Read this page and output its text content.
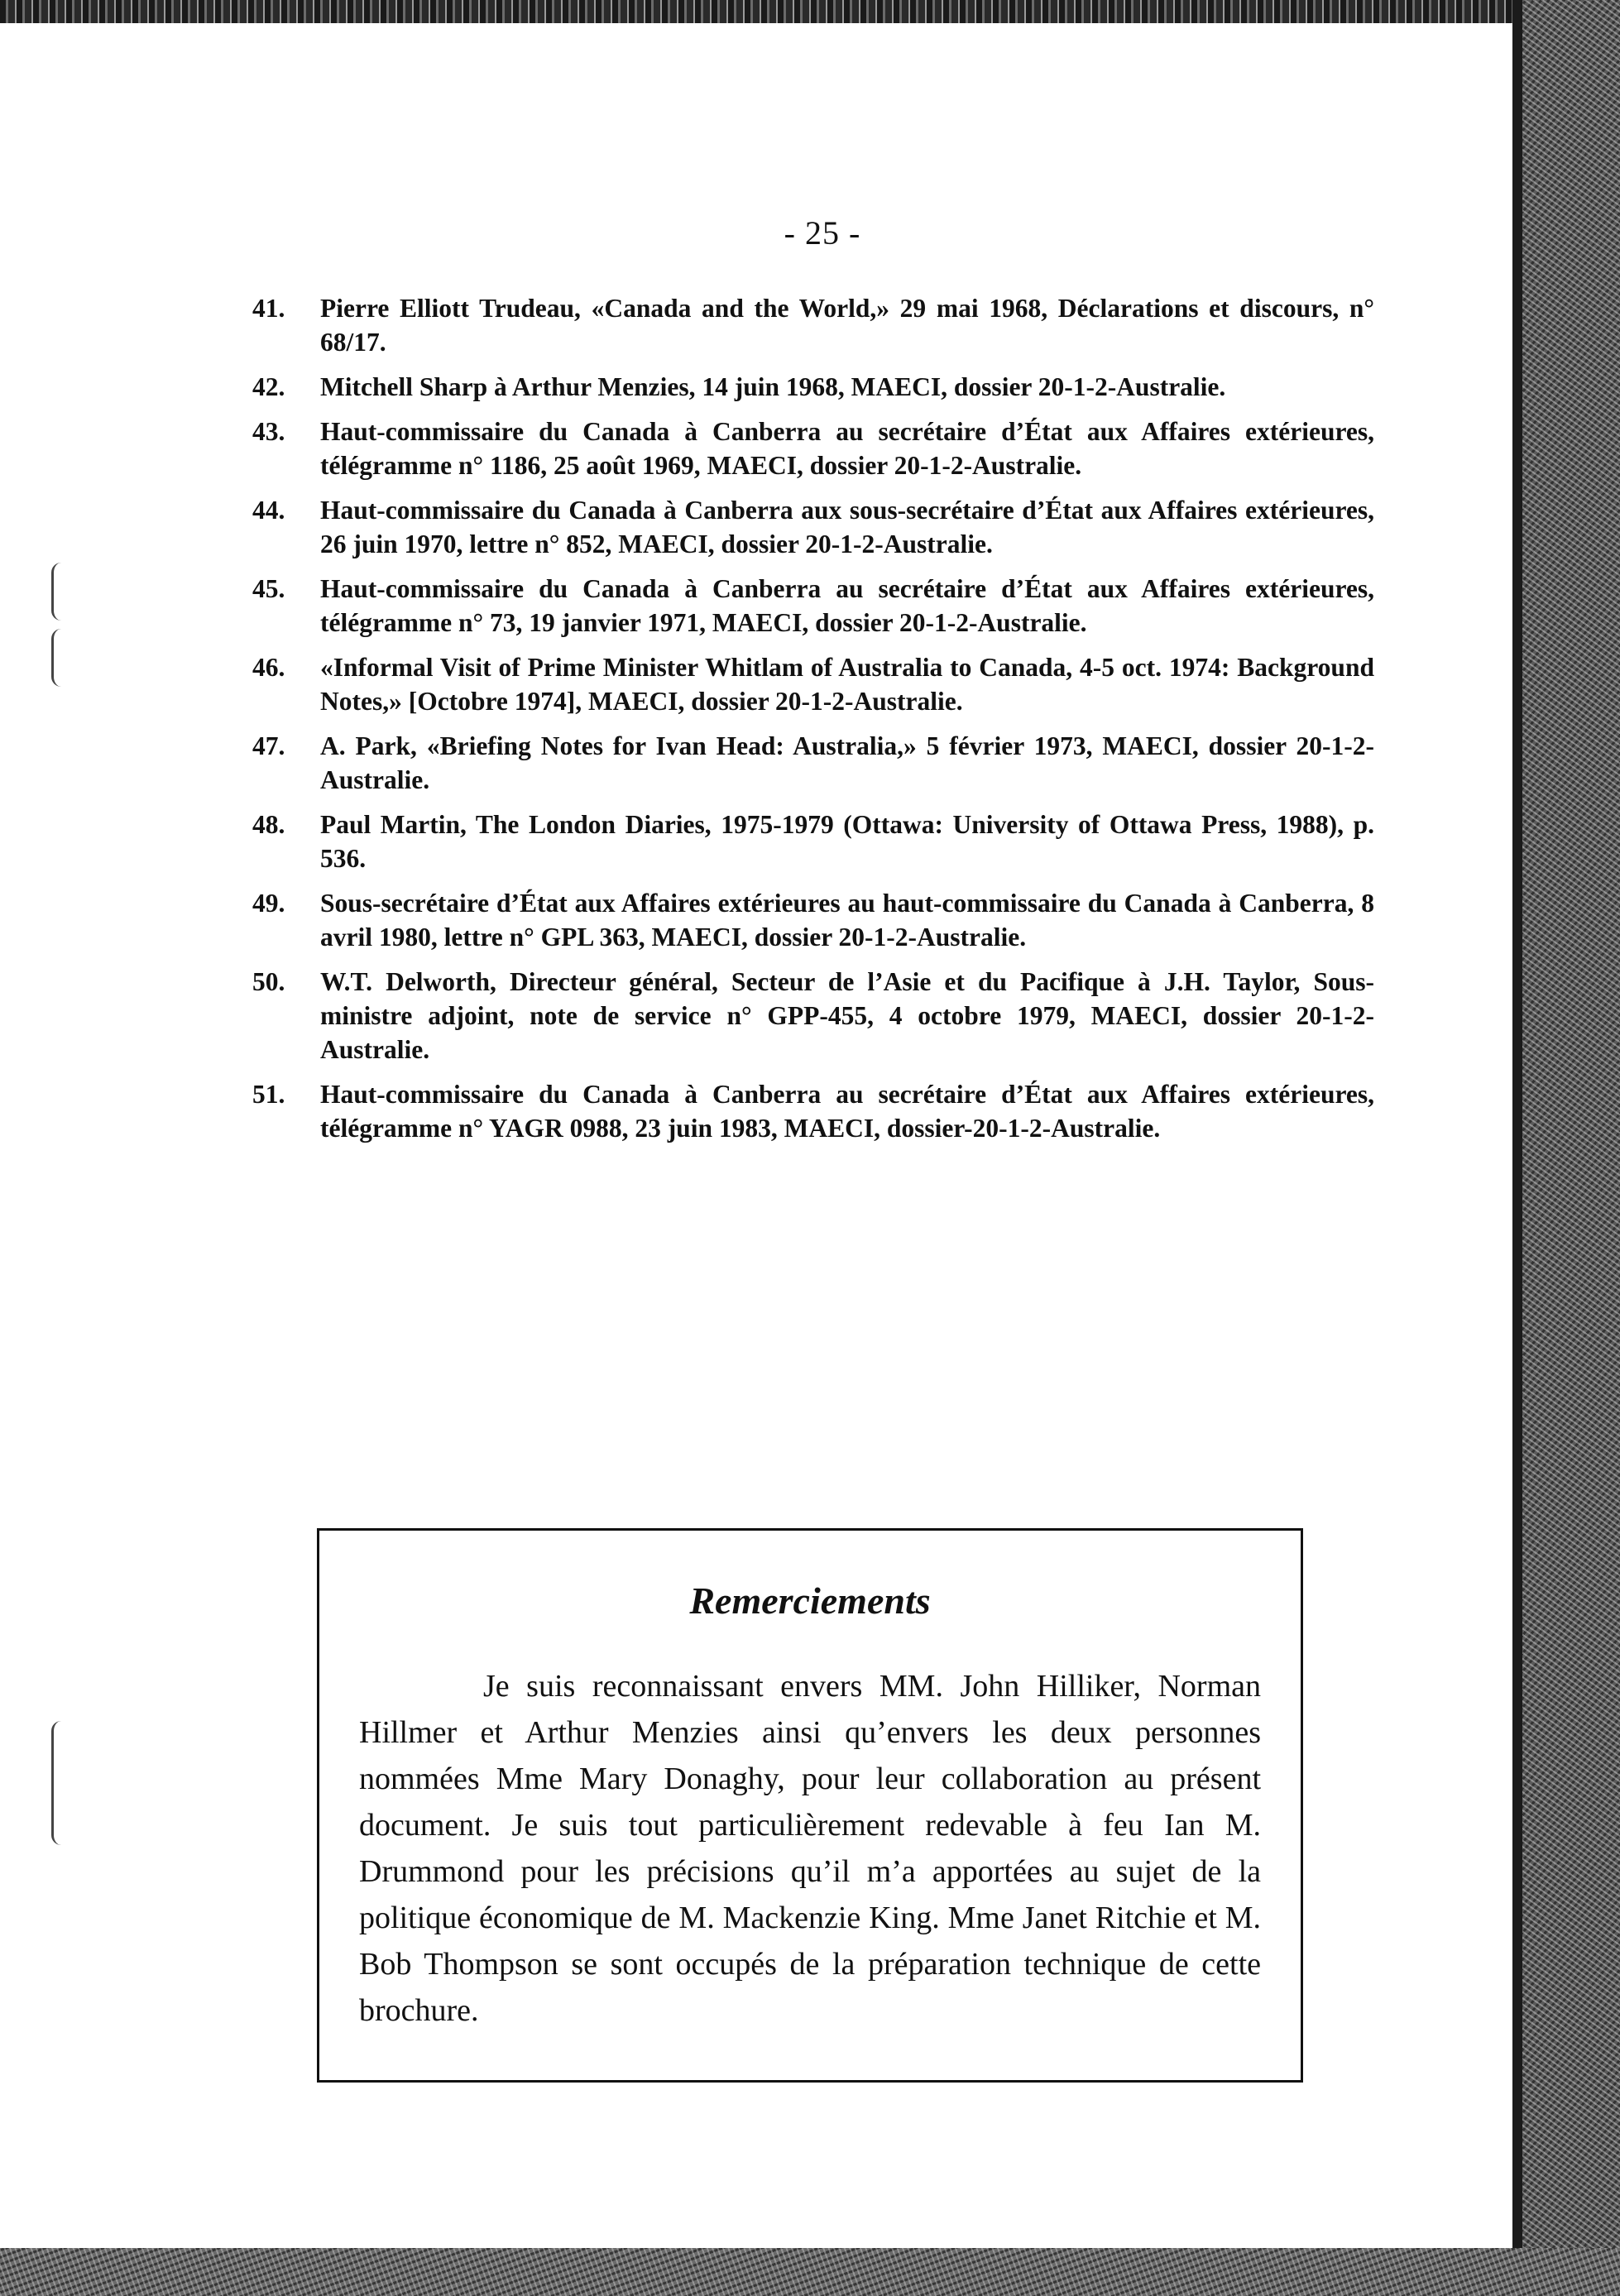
- 25 -
41. Pierre Elliott Trudeau, «Canada and the World,» 29 mai 1968, Déclarations et discours, n° 68/17.
42. Mitchell Sharp à Arthur Menzies, 14 juin 1968, MAECI, dossier 20-1-2-Australie.
43. Haut-commissaire du Canada à Canberra au secrétaire d’État aux Affaires extérieures, télégramme n° 1186, 25 août 1969, MAECI, dossier 20-1-2-Australie.
44. Haut-commissaire du Canada à Canberra aux sous-secrétaire d’État aux Affaires extérieures, 26 juin 1970, lettre n° 852, MAECI, dossier 20-1-2-Australie.
45. Haut-commissaire du Canada à Canberra au secrétaire d’État aux Affaires extérieures, télégramme n° 73, 19 janvier 1971, MAECI, dossier 20-1-2-Australie.
46. «Informal Visit of Prime Minister Whitlam of Australia to Canada, 4-5 oct. 1974: Background Notes,» [Octobre 1974], MAECI, dossier 20-1-2-Australie.
47. A. Park, «Briefing Notes for Ivan Head: Australia,» 5 février 1973, MAECI, dossier 20-1-2-Australie.
48. Paul Martin, The London Diaries, 1975-1979 (Ottawa: University of Ottawa Press, 1988), p. 536.
49. Sous-secrétaire d’État aux Affaires extérieures au haut-commissaire du Canada à Canberra, 8 avril 1980, lettre n° GPL 363, MAECI, dossier 20-1-2-Australie.
50. W.T. Delworth, Directeur général, Secteur de l’Asie et du Pacifique à J.H. Taylor, Sous-ministre adjoint, note de service n° GPP-455, 4 octobre 1979, MAECI, dossier 20-1-2-Australie.
51. Haut-commissaire du Canada à Canberra au secrétaire d’État aux Affaires extérieures, télégramme n° YAGR 0988, 23 juin 1983, MAECI, dossier-20-1-2-Australie.
Remerciements

Je suis reconnaissant envers MM. John Hilliker, Norman Hillmer et Arthur Menzies ainsi qu’envers les deux personnes nommées Mme Mary Donaghy, pour leur collaboration au présent document. Je suis tout particulièrement redevable à feu Ian M. Drummond pour les précisions qu’il m’a apportées au sujet de la politique économique de M. Mackenzie King. Mme Janet Ritchie et M. Bob Thompson se sont occupés de la préparation technique de cette brochure.
